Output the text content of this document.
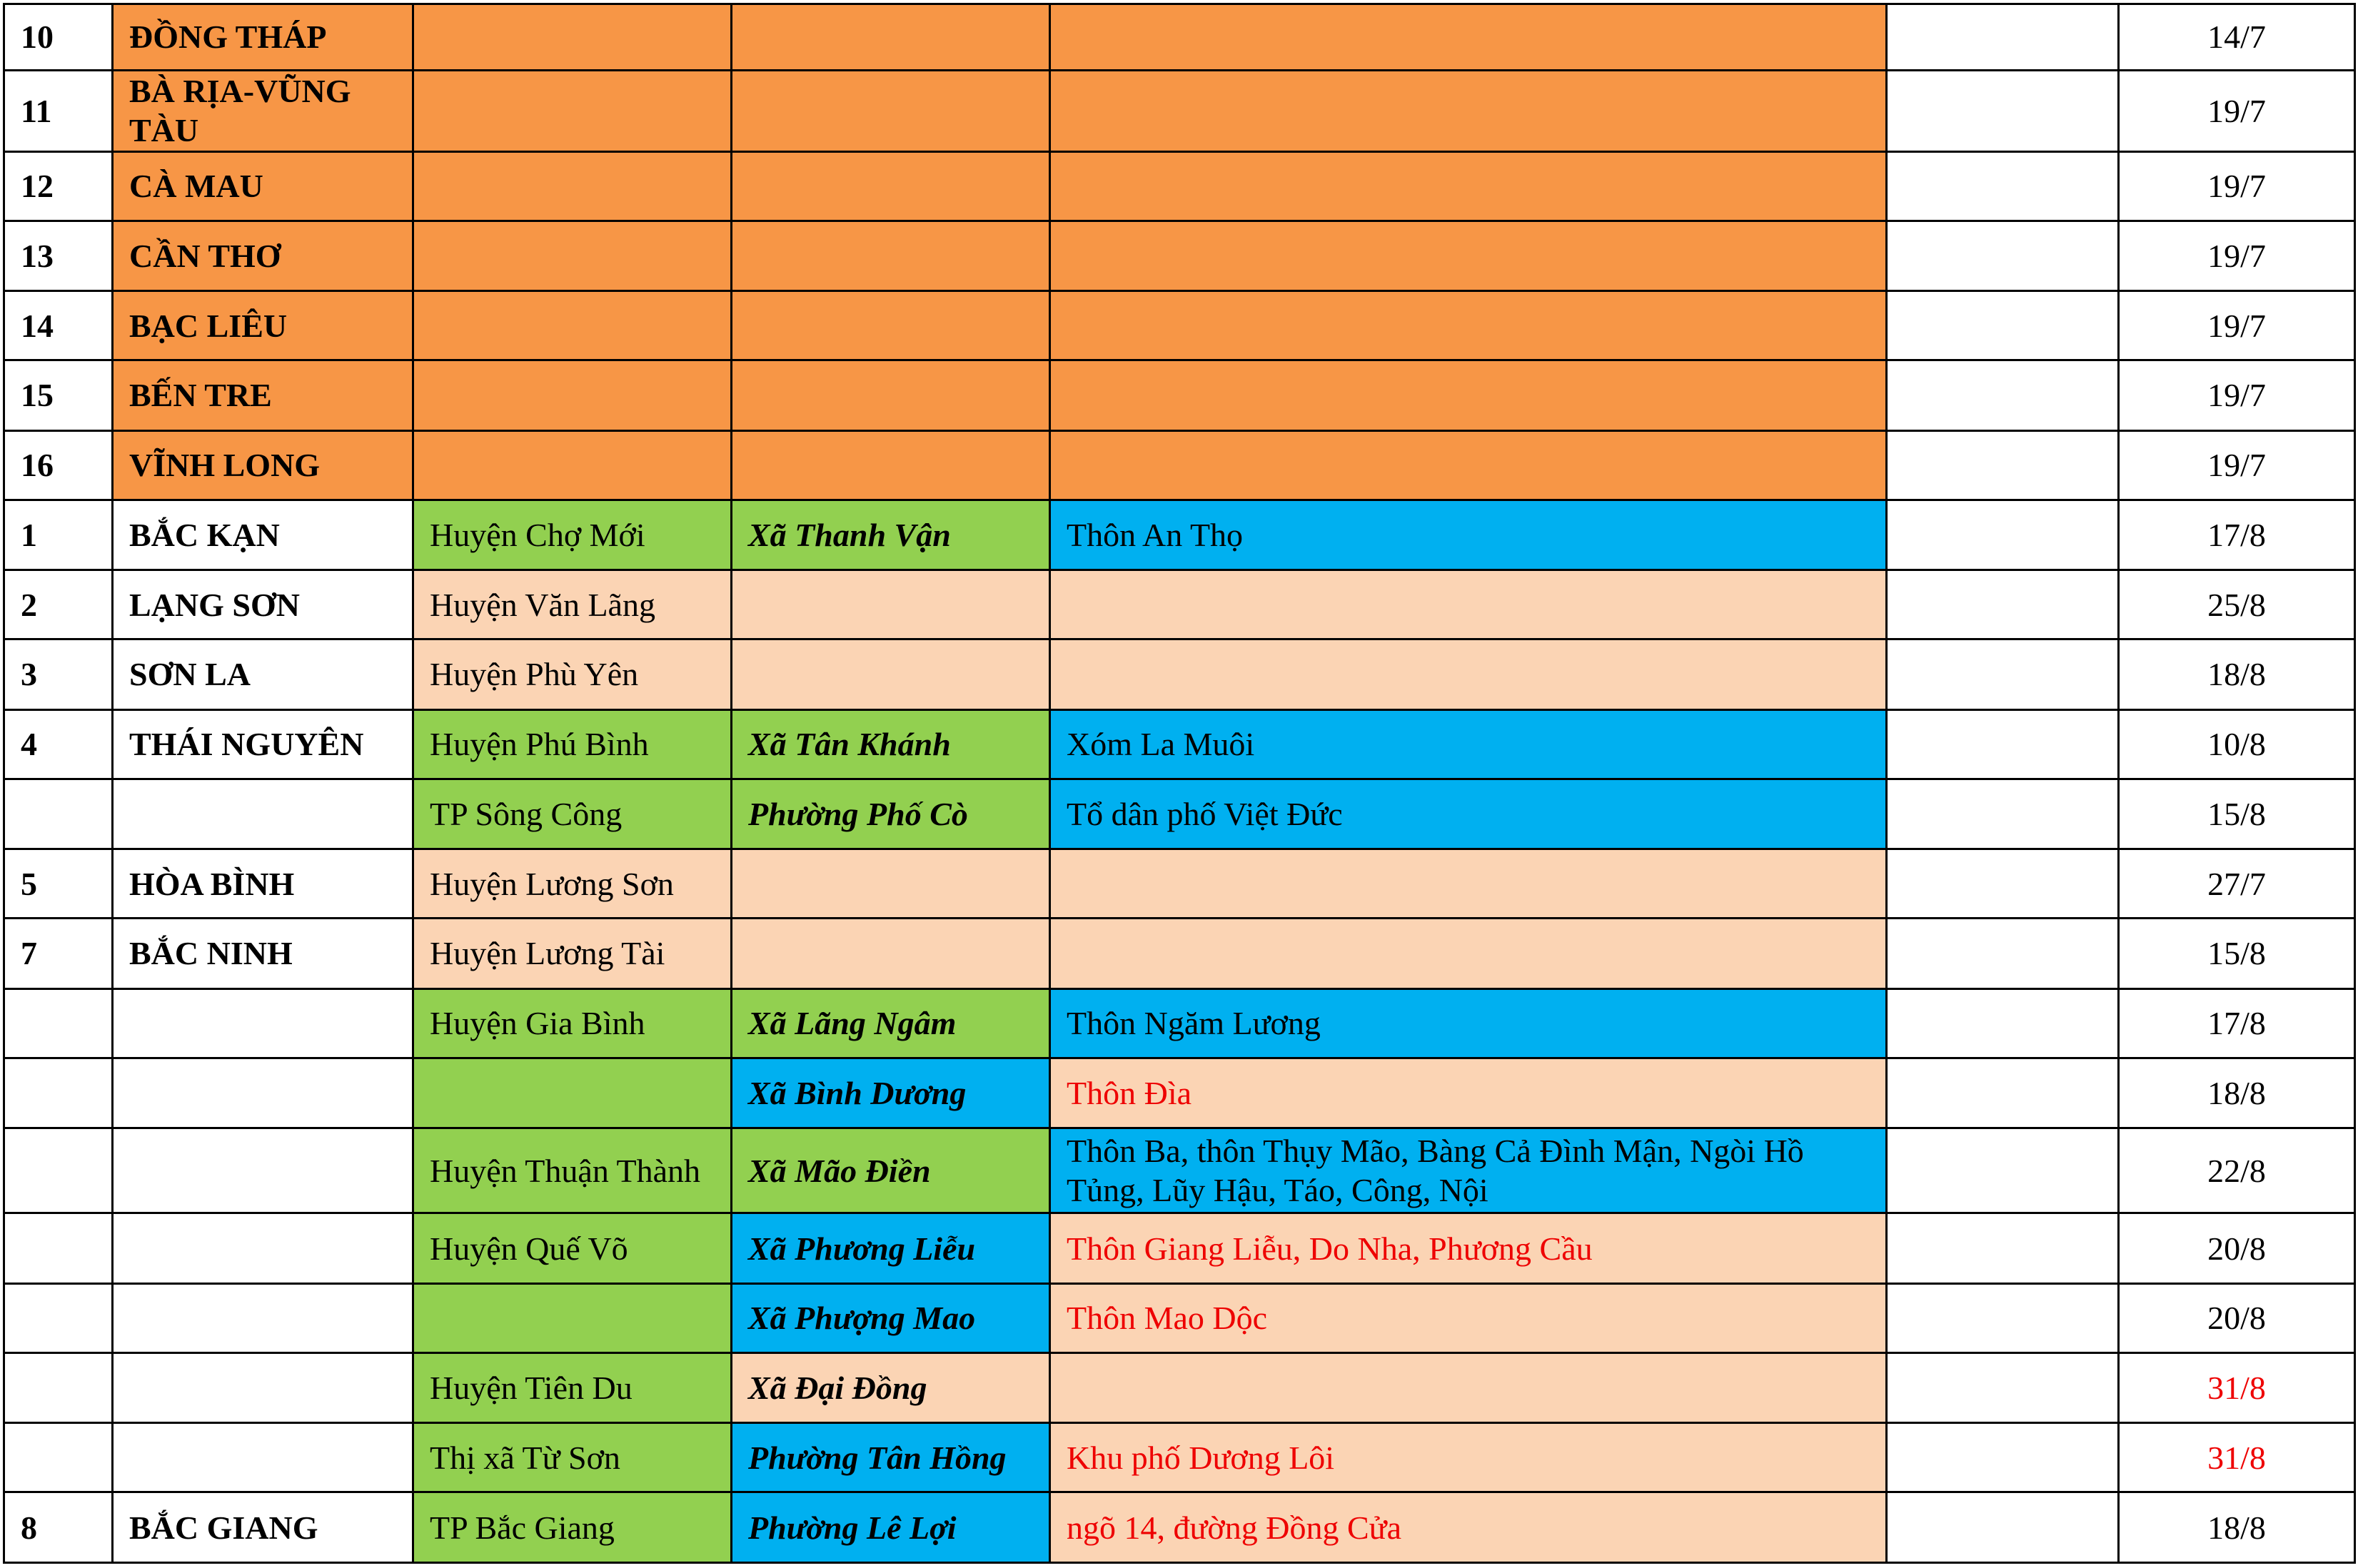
10	ĐỒNG THÁP					14/7
11	BÀ RỊA-VŨNG TÀU					19/7
12	CÀ MAU					19/7
13	CẦN THƠ					19/7
14	BẠC LIÊU					19/7
15	BẾN TRE					19/7
16	VĨNH LONG					19/7
1	BẮC KẠN	Huyện Chợ Mới	Xã Thanh Vận	Thôn An Thọ		17/8
2	LẠNG SƠN	Huyện Văn Lãng				25/8
3	SƠN LA	Huyện Phù Yên				18/8
4	THÁI NGUYÊN	Huyện Phú Bình	Xã Tân Khánh	Xóm La Muôi		10/8
		TP Sông Công	Phường Phố Cò	Tổ dân phố Việt Đức		15/8
5	HÒA BÌNH	Huyện Lương Sơn				27/7
7	BẮC NINH	Huyện Lương Tài				15/8
		Huyện Gia Bình	Xã Lãng Ngâm	Thôn Ngăm Lương		17/8
			Xã Bình Dương	Thôn Đìa		18/8
		Huyện Thuận Thành	Xã Mão Điền	Thôn Ba, thôn Thụy Mão, Bàng Cả Đình Mận, Ngòi Hồ Tủng, Lũy Hậu, Táo, Công, Nội		22/8
		Huyện Quế Võ	Xã Phương Liễu	Thôn Giang Liễu, Do Nha, Phương Cầu		20/8
			Xã Phượng Mao	Thôn Mao Dộc		20/8
		Huyện Tiên Du	Xã Đại Đồng			31/8
		Thị xã Từ Sơn	Phường Tân Hồng	Khu phố Dương Lôi		31/8
8	BẮC GIANG	TP Bắc Giang	Phường Lê Lợi	ngõ 14, đường Đồng Cửa		18/8
